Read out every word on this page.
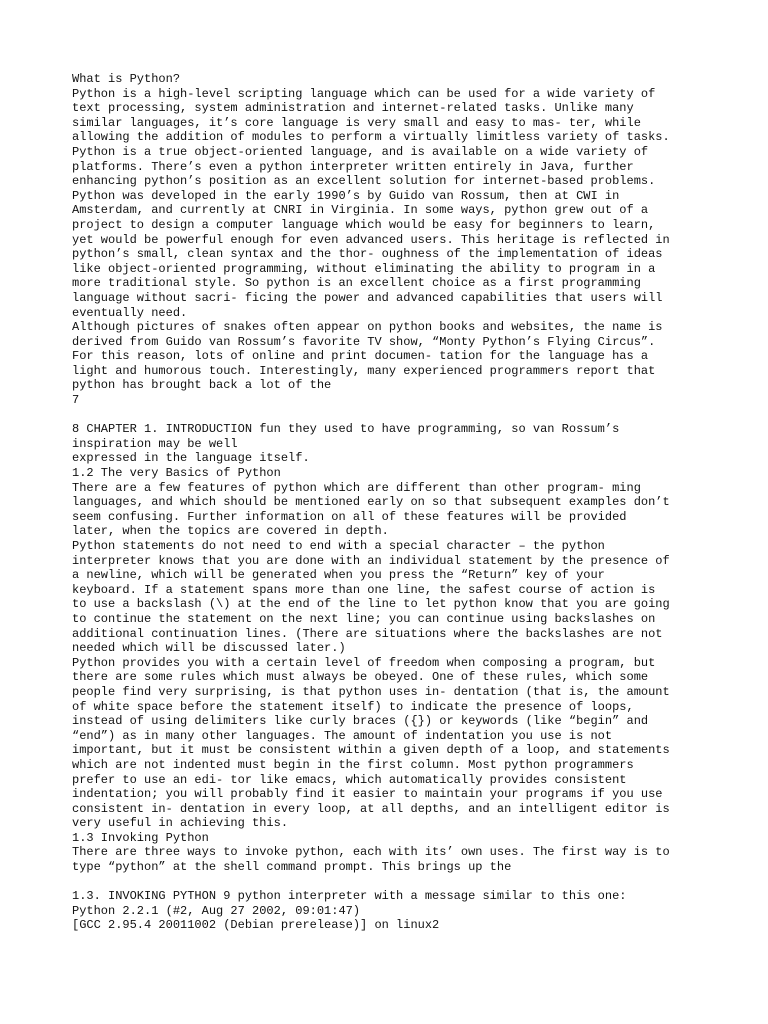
What is Python?
Python is a high-level scripting language which can be used for a wide variety of
text processing, system administration and internet-related tasks. Unlike many
similar languages, it’s core language is very small and easy to mas- ter, while
allowing the addition of modules to perform a virtually limitless variety of tasks.
Python is a true object-oriented language, and is available on a wide variety of
platforms. There’s even a python interpreter written entirely in Java, further
enhancing python’s position as an excellent solution for internet-based problems.
Python was developed in the early 1990’s by Guido van Rossum, then at CWI in
Amsterdam, and currently at CNRI in Virginia. In some ways, python grew out of a
project to design a computer language which would be easy for beginners to learn,
yet would be powerful enough for even advanced users. This heritage is reflected in
python’s small, clean syntax and the thor- oughness of the implementation of ideas
like object-oriented programming, without eliminating the ability to program in a
more traditional style. So python is an excellent choice as a first programming
language without sacri- ficing the power and advanced capabilities that users will
eventually need.
Although pictures of snakes often appear on python books and websites, the name is
derived from Guido van Rossum’s favorite TV show, “Monty Python’s Flying Circus”.
For this reason, lots of online and print documen- tation for the language has a
light and humorous touch. Interestingly, many experienced programmers report that
python has brought back a lot of the
7
8 CHAPTER 1. INTRODUCTION fun they used to have programming, so van Rossum’s
inspiration may be well
expressed in the language itself.
1.2 The very Basics of Python
There are a few features of python which are different than other program- ming
languages, and which should be mentioned early on so that subsequent examples don’t
seem confusing. Further information on all of these features will be provided
later, when the topics are covered in depth.
Python statements do not need to end with a special character – the python
interpreter knows that you are done with an individual statement by the presence of
a newline, which will be generated when you press the “Return” key of your
keyboard. If a statement spans more than one line, the safest course of action is
to use a backslash (\) at the end of the line to let python know that you are going
to continue the statement on the next line; you can continue using backslashes on
additional continuation lines. (There are situations where the backslashes are not
needed which will be discussed later.)
Python provides you with a certain level of freedom when composing a program, but
there are some rules which must always be obeyed. One of these rules, which some
people find very surprising, is that python uses in- dentation (that is, the amount
of white space before the statement itself) to indicate the presence of loops,
instead of using delimiters like curly braces ({}) or keywords (like “begin” and
“end”) as in many other languages. The amount of indentation you use is not
important, but it must be consistent within a given depth of a loop, and statements
which are not indented must begin in the first column. Most python programmers
prefer to use an edi- tor like emacs, which automatically provides consistent
indentation; you will probably find it easier to maintain your programs if you use
consistent in- dentation in every loop, at all depths, and an intelligent editor is
very useful in achieving this.
1.3 Invoking Python
There are three ways to invoke python, each with its’ own uses. The first way is to
type “python” at the shell command prompt. This brings up the
1.3. INVOKING PYTHON 9 python interpreter with a message similar to this one:
Python 2.2.1 (#2, Aug 27 2002, 09:01:47)
[GCC 2.95.4 20011002 (Debian prerelease)] on linux2
